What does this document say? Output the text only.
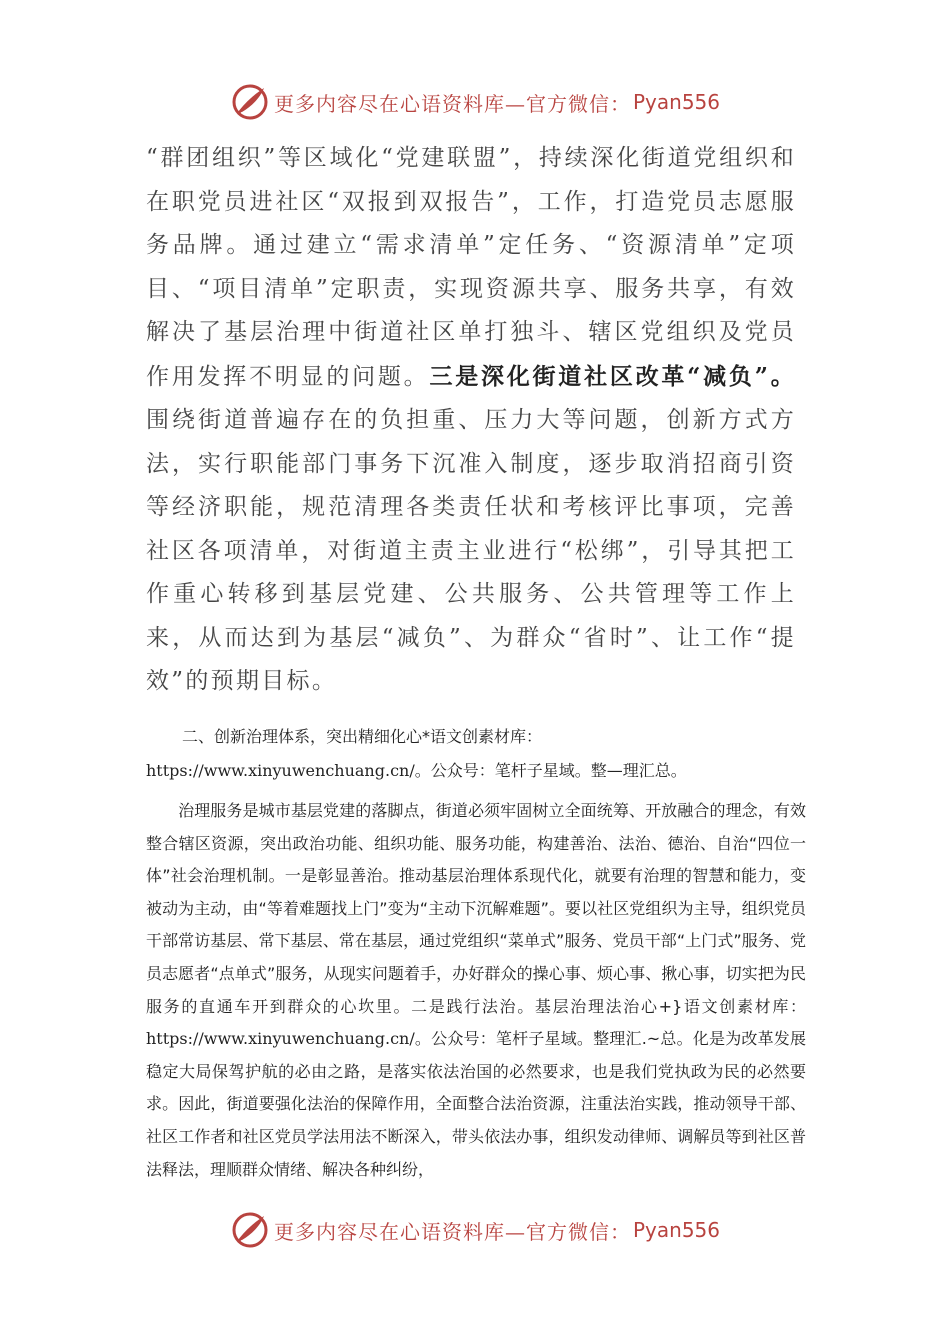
更多内容尽在心语资料库—官方微信： Pyan556

“群团组织”等区域化“党建联盟”，持续深化街道党组织和在职党员进社区“双报到双报告”，工作，打造党员志愿服务品牌。通过建立“需求清单”定任务、“资源清单”定项目、“项目清单”定职责，实现资源共享、服务共享，有效解决了基层治理中街道社区单打独斗、辖区党组织及党员作用发挥不明显的问题。三是深化街道社区改革“减负”。围绕街道普遍存在的负担重、压力大等问题，创新方式方法，实行职能部门事务下沉准入制度，逐步取消招商引资等经济职能，规范清理各类责任状和考核评比事项，完善社区各项清单，对街道主责主业进行“松绑”，引导其把工作重心转移到基层党建、公共服务、公共管理等工作上来，从而达到为基层“减负”、为群众“省时”、让工作“提效”的预期目标。

二、创新治理体系，突出精细化心*语文创素材库：https://www.xinyuwenchuang.cn/。公众号：笔杆子星域。整—理汇总。

治理服务是城市基层党建的落脚点，街道必须牢固树立全面统筹、开放融合的理念，有效整合辖区资源，突出政治功能、组织功能、服务功能，构建善治、法治、德治、自治“四位一体”社会治理机制。一是彰显善治。推动基层治理体系现代化，就要有治理的智慧和能力，变被动为主动，由“等着难题找上门”变为“主动下沉解难题”。要以社区党组织为主导，组织党员干部常访基层、常下基层、常在基层，通过党组织“菜单式”服务、党员干部“上门式”服务、党员志愿者“点单式”服务，从现实问题着手，办好群众的操心事、烦心事、揪心事，切实把为民服务的直通车开到群众的心坎里。二是践行法治。基层治理法治心+}语文创素材库：https://www.xinyuwenchuang.cn/。公众号：笔杆子星域。整理汇.~总。化是为改革发展稳定大局保驾护航的必由之路，是落实依法治国的必然要求，也是我们党执政为民的必然要求。因此，街道要强化法治的保障作用，全面整合法治资源，注重法治实践，推动领导干部、社区工作者和社区党员学法用法不断深入，带头依法办事，组织发动律师、调解员等到社区普法释法，理顺群众情绪、解决各种纠纷，

更多内容尽在心语资料库—官方微信： Pyan556
